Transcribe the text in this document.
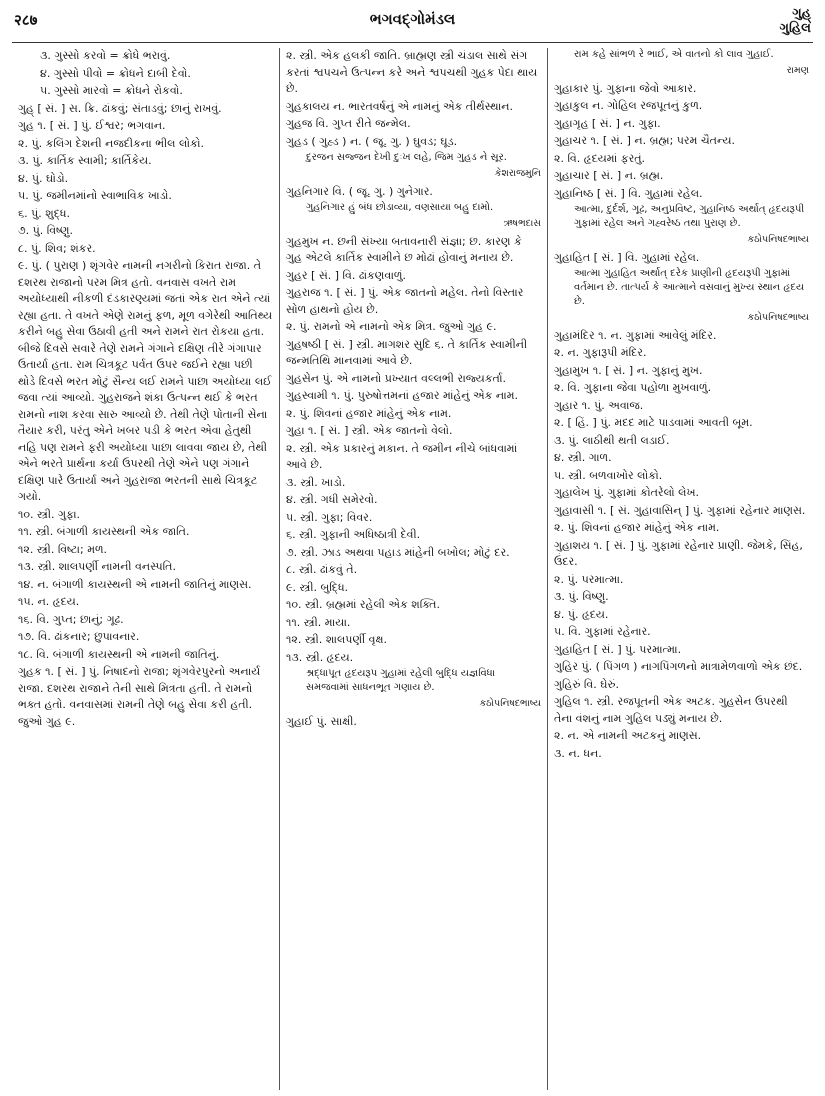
२८७	ભગવદ્‌ગોમંડલ	ગુહ્
ગુહિલ
૩. ગુસ્સો કરવો = ક્રોધે ભરાવું.
૪. ગુસ્સો પીવો = ક્રોધને દાબી દેવો.
૫. ગુસ્સો મારવો = ક્રોધને રોકવો.
ગુહ્ [ સં. ] સ. ક્રિ. ઢાંકવું; સંતાડવું; છાનું રાખવું.
ગુહ ૧. [ સં. ] પું. ઈશ્વર; ભગવાન.
૨. પું. કલિંગ દેશની નજદીકના ભીલ લોકો.
૩. પું. કાર્તિક સ્વામી; કાર્તિકેય.
૪. પું. ઘોડો.
૫. પું. જમીનમાંનો સ્વાભાવિક ખાડો.
૬. પું. શુદ્ધ.
૭. પું. વિષ્ણુ.
૮. પું. શિવ; શંકર.
૯. પું. ( પુરાણ ) શૃંગવેર નામની નગરીનો કિરાત રાજા. તે દશરથ રાજાનો પરમ મિત્ર હતો. વનવાસ વખતે રામ અયોધ્યાથી નીકળી દંડકારણ્યમાં જતાં એક રાત એને ત્યાં રહ્યા હતા. તે વખતે એણે રામનું ફળ, મૂળ વગેરેથી આતિથ્ય કરીને બહુ સેવા ઉઠાવી હતી અને રામને રાત રોકયા હતા. બીજે દિવસે સવારે તેણે રામને ગંગાને દક્ષિણ તીરે ગંગાપાર ઉતાર્યા હતા. રામ ચિત્રકૂટ પર્વત ઉપર જઈને રહ્યા પછી થોડે દિવસે ભરત મોટું સૈન્ય લઈ રામને પાછા અયોધ્યા લઈ જવા ત્યાં આવ્યો. ગુહરાજને શંકા ઉત્પન્ન થઈ કે ભરત રામનો નાશ કરવા સારુ આવ્યો છે. તેથી તેણે પોતાની સેના તૈયાર કરી, પરંતુ એને ખબર પડી કે ભરત એવા હેતુથી નહિ પણ રામને ફરી અયોધ્યા પાછા લાવવા જાય છે, તેથી એને ભરતે પ્રાર્થના કર્યા ઉપરથી તેણે એને પણ ગંગાને દક્ષિણ પારે ઉતાર્યા અને ગુહરાજા ભરતની સાથે ચિત્રકૂટ ગયો.
૧૦. સ્ત્રી. ગુફા.
૧૧. સ્ત્રી. બંગાળી કાયસ્થની એક જાતિ.
૧૨. સ્ત્રી. વિષ્ટા; મળ.
૧૩. સ્ત્રી. શાલપર્ણી નામની વનસ્પતિ.
૧૪. ન. બંગાળી કાયસ્થની એ નામની જાતિનું માણસ.
૧૫. ન. હૃદય.
૧૬. વિ. ગુપ્ત; છાનું; ગૂઢ.
૧૭. વિ. ઢાંકનાર; છુપાવનાર.
૧૮. વિ. બંગાળી કાયસ્થની એ નામની જાતિનું.
ગુહક ૧. [ સં. ] પું. નિષાદનો રાજા; શૃંગવેરપુરનો અનાર્ય રાજા. દશરથ રાજાને તેની સાથે મિત્રતા હતી. તે રામનો ભક્ત હતો. વનવાસમાં રામની તેણે બહુ સેવા કરી હતી. જુઓ ગુહ ૯.
૨. સ્ત્રી. એક હલકી જાતિ. બ્રાહ્મણ સ્ત્રી ચંડાલ સાથે સંગ કરતાં શ્વપચને ઉત્પન્ન કરે અને શ્વપચથી ગુહક પેદા થાય છે.
ગુહકાલય ન. ભારતવર્ષનું એ નામનું એક તીર્થસ્થાન.
ગુહજ વિ. ગુપ્ત રીતે જન્મેલ.
ગુહડ ( ગુહ્ડ ) ન. ( જૂ. ગુ. ) ઘુવડ; ઘૂડ.
દુરજન સજ્જન દેખી દુઃખ લહે, જિમ ગુહડ ને સૂર.
કેશરાજમુનિ
ગુહનિગાર વિ. ( જૂ. ગુ. ) ગુનેગાર.
ગુહનિગાર હું બંધ છોડાવ્યા, વણસાયા બહુ દામો.
ઋષભદાસ
ગુહમુખ ન. છની સંખ્યા બતાવનારી સંજ્ઞા; છ. કારણ કે ગુહ એટલે કાર્તિક સ્વામીને છ મોઢાં હોવાનું મનાય છે.
ગુહર [ સં. ] વિ. ઢાંકણવાળું.
ગુહરાજ ૧. [ સં. ] પું. એક જાતનો મહેલ. તેનો વિસ્તાર સોળ હાથનો હોય છે.
૨. પું. રામનો એ નામનો એક મિત્ર. જુઓ ગુહ ૯.
ગુહષષ્ઠી [ સં. ] સ્ત્રી. માગશર સુદિ ૬. તે કાર્તિક સ્વામીની જન્મતિથિ માનવામાં આવે છે.
ગુહસેન પું. એ નામનો પ્રખ્યાત વલ્લભી રાજ્યકર્તા.
ગુહસ્વામી ૧. પું. પુરુષોત્તમનાં હજાર માંહેનું એક નામ.
૨. પું. શિવનાં હજાર માંહેનું એક નામ.
ગુહા ૧. [ સં. ] સ્ત્રી. એક જાતનો વેલો.
૨. સ્ત્રી. એક પ્રકારનું મકાન. તે જમીન નીચે બાંધવામાં આવે છે.
૩. સ્ત્રી. ખાડો.
૪. સ્ત્રી. ગધી સમેરવો.
૫. સ્ત્રી. ગુફા; વિવર.
૬. સ્ત્રી. ગુફાની અધિષ્ઠાત્રી દેવી.
૭. સ્ત્રી. ઝાડ અથવા પહાડ માંહેની બખોલ; મોટું દર.
૮. સ્ત્રી. ઢાંકવું તે.
૯. સ્ત્રી. બુદ્ધિ.
૧૦. સ્ત્રી. બ્રહ્મમાં રહેલી એક શક્તિ.
૧૧. સ્ત્રી. માયા.
૧૨. સ્ત્રી. શાલપર્ણી વૃક્ષ.
૧૩. સ્ત્રી. હૃદય.
શ્રદ્ધાપૂત હૃદયરૂપ ગુહામાં રહેલી બુદ્ધિ યજ્ઞવિધા સમજવામાં સાધનભૂત ગણાય છે.
કઠોપનિષદભાષ્ય
ગુહાઈ પું. સાક્ષી.
રામ કહે સાંભળ રે ભાઈ, એ વાતનો કો લાવ ગુહાઈ.
રામણ
ગુહાકાર પું. ગુફાના જેવો આકાર.
ગુહાકુલ ન. ગોહિલ રજપૂતનું કુળ.
ગુહાગૃહ [ સં. ] ન. ગુફા.
ગુહાચર ૧. [ સં. ] ન. બ્રહ્મ; પરમ ચૈતન્ય.
૨. વિ. હૃદયમાં ફરતું.
ગુહાચાર [ સં. ] ન. બ્રહ્મ.
ગુહાનિષ્ઠ [ સં. ] વિ. ગુહામાં રહેલ.
આત્મા, દુર્દર્શ, ગૂઢ, અનુપ્રવિષ્ટ, ગુહાનિષ્ઠ અર્થાત્ હૃદયરૂપી ગુફામાં રહેલ અને ગહ્વરેષ્ઠ તથા પુરાણ છે.
કઠોપનિષદભાષ્ય
ગુહાહિત [ સં. ] વિ. ગુહામાં રહેલ.
આત્મા ગુહાહિત અર્થાત્ દરેક પ્રાણીની હૃદયરૂપી ગુફામાં વર્તમાન છે. તાત્પર્ય કે આત્માને વસવાનું મુખ્ય સ્થાન હૃદય છે.
કઠોપનિષદભાષ્ય
ગુહામંદિર ૧. ન. ગુફામાં આવેલું મંદિર.
૨. ન. ગુફારૂપી મંદિર.
ગુહામુખ ૧. [ સં. ] ન. ગુફાનું મુખ.
૨. વિ. ગુફાના જેવા પહોળા મુખવાળું.
ગુહાર ૧. પું. અવાજ.
૨. [ હિં. ] પું. મદદ માટે પાડવામાં આવતી બૂમ.
૩. પું. લાઠીથી થતી લડાઈ.
૪. સ્ત્રી. ગાળ.
૫. સ્ત્રી. બળવાખોર લોકો.
ગુહાલેખ પું. ગુફામાં કોતરેલો લેખ.
ગુહાવાસી ૧. [ સં. ગુહાવાસિન્ ] પું. ગુફામાં રહેનાર માણસ.
૨. પું. શિવનાં હજાર માંહેનું એક નામ.
ગુહાશય ૧. [ સં. ] પું. ગુફામાં રહેનાર પ્રાણી. જેમકે, સિંહ, ઉંદર.
૨. પું. પરમાત્મા.
૩. પું. વિષ્ણુ.
૪. પું. હૃદય.
૫. વિ. ગુફામાં રહેનાર.
ગુહાહિત [ સં. ] પું. પરમાત્મા.
ગુહિર પું. ( પિંગળ ) નાગપિંગળનો માત્રામેળવાળો એક છંદ.
ગુહિરું વિ. ઘેરું.
ગુહિલ ૧. સ્ત્રી. રજપૂતની એક અટક. ગુહસેન ઉપરથી તેના વંશનું નામ ગુહિલ પડ્યું મનાય છે.
૨. ન. એ નામની અટકનું માણસ.
૩. ન. ધન.
